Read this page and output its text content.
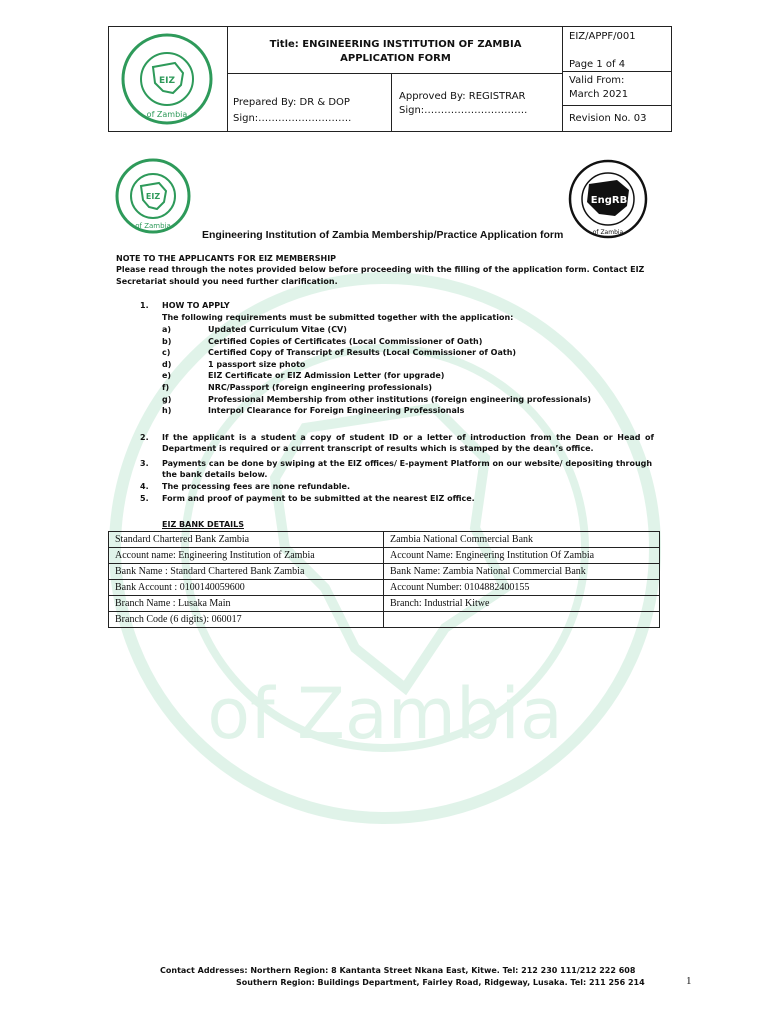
of Zambia
EIZ
of Zambia
Title: ENGINEERING INSTITUTION OF ZAMBIA
APPLICATION FORM
EIZ/APPF/001
Page 1 of 4
Valid From:
March 2021
Revision No. 03
Prepared By: DR & DOP
Sign:……………………….
Approved By: REGISTRAR
Sign:………………………….
EIZ
of Zambia
EngRB
of Zambia
Engineering Institution of Zambia Membership/Practice Application form
NOTE TO THE APPLICANTS FOR EIZ MEMBERSHIP
Please read through the notes provided below before proceeding with the filling of the application form. Contact EIZ
Secretariat should you need further clarification.
1. HOW TO APPLY
The following requirements must be submitted together with the application:
a)	Updated Curriculum Vitae (CV)
b)	Certified Copies of Certificates (Local Commissioner of Oath)
c)	Certified Copy of Transcript of Results (Local Commissioner of Oath)
d)	1 passport size photo
e)	EIZ Certificate or EIZ Admission Letter (for upgrade)
f)	NRC/Passport (foreign engineering professionals)
g)	Professional Membership from other institutions (foreign engineering professionals)
h)	Interpol Clearance for Foreign Engineering Professionals
2. If the applicant is a student a copy of student ID or a letter of introduction from the Dean or Head of
Department is required or a current transcript of results which is stamped by the dean’s office.
3. Payments can be done by swiping at the EIZ offices/ E-payment Platform on our website/ depositing through
the bank details below.
4. The processing fees are none refundable.
5. Form and proof of payment to be submitted at the nearest EIZ office.
EIZ BANK DETAILS
Standard Chartered Bank Zambia	Zambia National Commercial Bank
Account name: Engineering Institution of Zambia	Account Name: Engineering Institution Of Zambia
Bank Name : Standard Chartered Bank Zambia	Bank Name: Zambia National Commercial Bank
Bank Account : 0100140059600	Account Number: 0104882400155
Branch Name : Lusaka Main	Branch: Industrial Kitwe
Branch Code (6 digits): 060017	
Contact Addresses: Northern Region: 8 Kantanta Street Nkana East, Kitwe. Tel: 212 230 111/212 222 608
Southern Region: Buildings Department, Fairley Road, Ridgeway, Lusaka. Tel: 211 256 214	1
